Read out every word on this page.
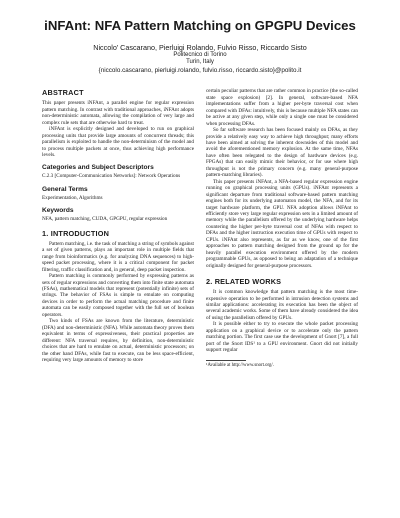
iNFAnt: NFA Pattern Matching on GPGPU Devices
Niccolo' Cascarano, Pierluigi Rolando, Fulvio Risso, Riccardo Sisto
Politecnico di Torino
Turin, Italy
{niccolo.cascarano, pierluigi.rolando, fulvio.risso, riccardo.sisto}@polito.it
ABSTRACT

This paper presents iNFAnt, a parallel engine for regular expression pattern matching. In contrast with traditional approaches, iNFAnt adopts non-deterministic automata, allowing the compilation of very large and complex rule sets that are otherwise hard to treat.

iNFAnt is explicitly designed and developed to run on graphical processing units that provide large amounts of concurrent threads; this parallelism is exploited to handle the non-determinism of the model and to process multiple packets at once, thus achieving high performance levels.

Categories and Subject Descriptors

C.2.3 [Computer-Communication Networks]: Network Operations

General Terms

Experimentation, Algorithms

Keywords

NFA, pattern matching, CUDA, GPGPU, regular expression

1. INTRODUCTION

Pattern matching, i.e. the task of matching a string of symbols against a set of given patterns, plays an important role in multiple fields that range from bioinformatics (e.g. for analyzing DNA sequences) to high-speed packet processing, where it is a critical component for packet filtering, traffic classification and, in general, deep packet inspection.

Pattern matching is commonly performed by expressing patterns as sets of regular expressions and converting them into finite state automata (FSAs), mathematical models that represent (potentially infinite) sets of strings. The behavior of FSAs is simple to emulate on computing devices in order to perform the actual matching procedure and finite automata can be easily composed together with the full set of boolean operators.

Two kinds of FSAs are known from the literature, deterministic (DFA) and non-deterministic (NFA). While automata theory proves them equivalent in terms of expressiveness, their practical properties are different: NFA traversal requires, by definition, non-deterministic choices that are hard to emulate on actual, deterministic processors; on the other hand DFAs, while fast to execute, can be less space-efficient, requiring very large amounts of memory to store

certain peculiar patterns that are rather common in practice (the so-called state space explosion) [2]. In general, software-based NFA implementations suffer from a higher per-byte traversal cost when compared with DFAs: intuitively, this is because multiple NFA states can be active at any given step, while only a single one must be considered when processing DFAs.

So far software research has been focused mainly on DFAs, as they provide a relatively easy way to achieve high throughput; many efforts have been aimed at solving the inherent downsides of this model and avoid the aforementioned memory explosion. At the same time, NFAs have often been relegated to the design of hardware devices (e.g. FPGAs) that can easily mimic their behavior, or for use where high throughput is not the primary concern (e.g. many general-purpose pattern-matching libraries).

This paper presents iNFAnt, a NFA-based regular expression engine running on graphical processing units (GPUs). iNFAnt represents a significant departure from traditional software-based pattern matching engines both for its underlying automaton model, the NFA, and for its target hardware platform, the GPU. NFA adoption allows iNFAnt to efficiently store very large regular expression sets in a limited amount of memory while the parallelism offered by the underlying hardware helps countering the higher per-byte traversal cost of NFAs with respect to DFAs and the higher instruction execution time of GPUs with respect to CPUs. iNFAnt also represents, as far as we know, one of the first approaches to pattern matching designed from the ground up for the heavily parallel execution environment offered by the modern programmable GPUs, as opposed to being an adaptation of a technique originally designed for general-purpose processors.

2. RELATED WORKS

It is common knowledge that pattern matching is the most time-expensive operation to be performed in intrusion detection systems and similar applications: accelerating its execution has been the object of several academic works. Some of them have already considered the idea of using the parallelism offered by GPUs.

It is possible either to try to execute the whole packet processing application on a graphical device or to accelerate only the pattern matching portion. The first case use the development of Gnort [7], a full port of the Snort IDS¹ to a GPU environment. Gnort did not initially support regular

¹Available at http://www.snort.org/.
